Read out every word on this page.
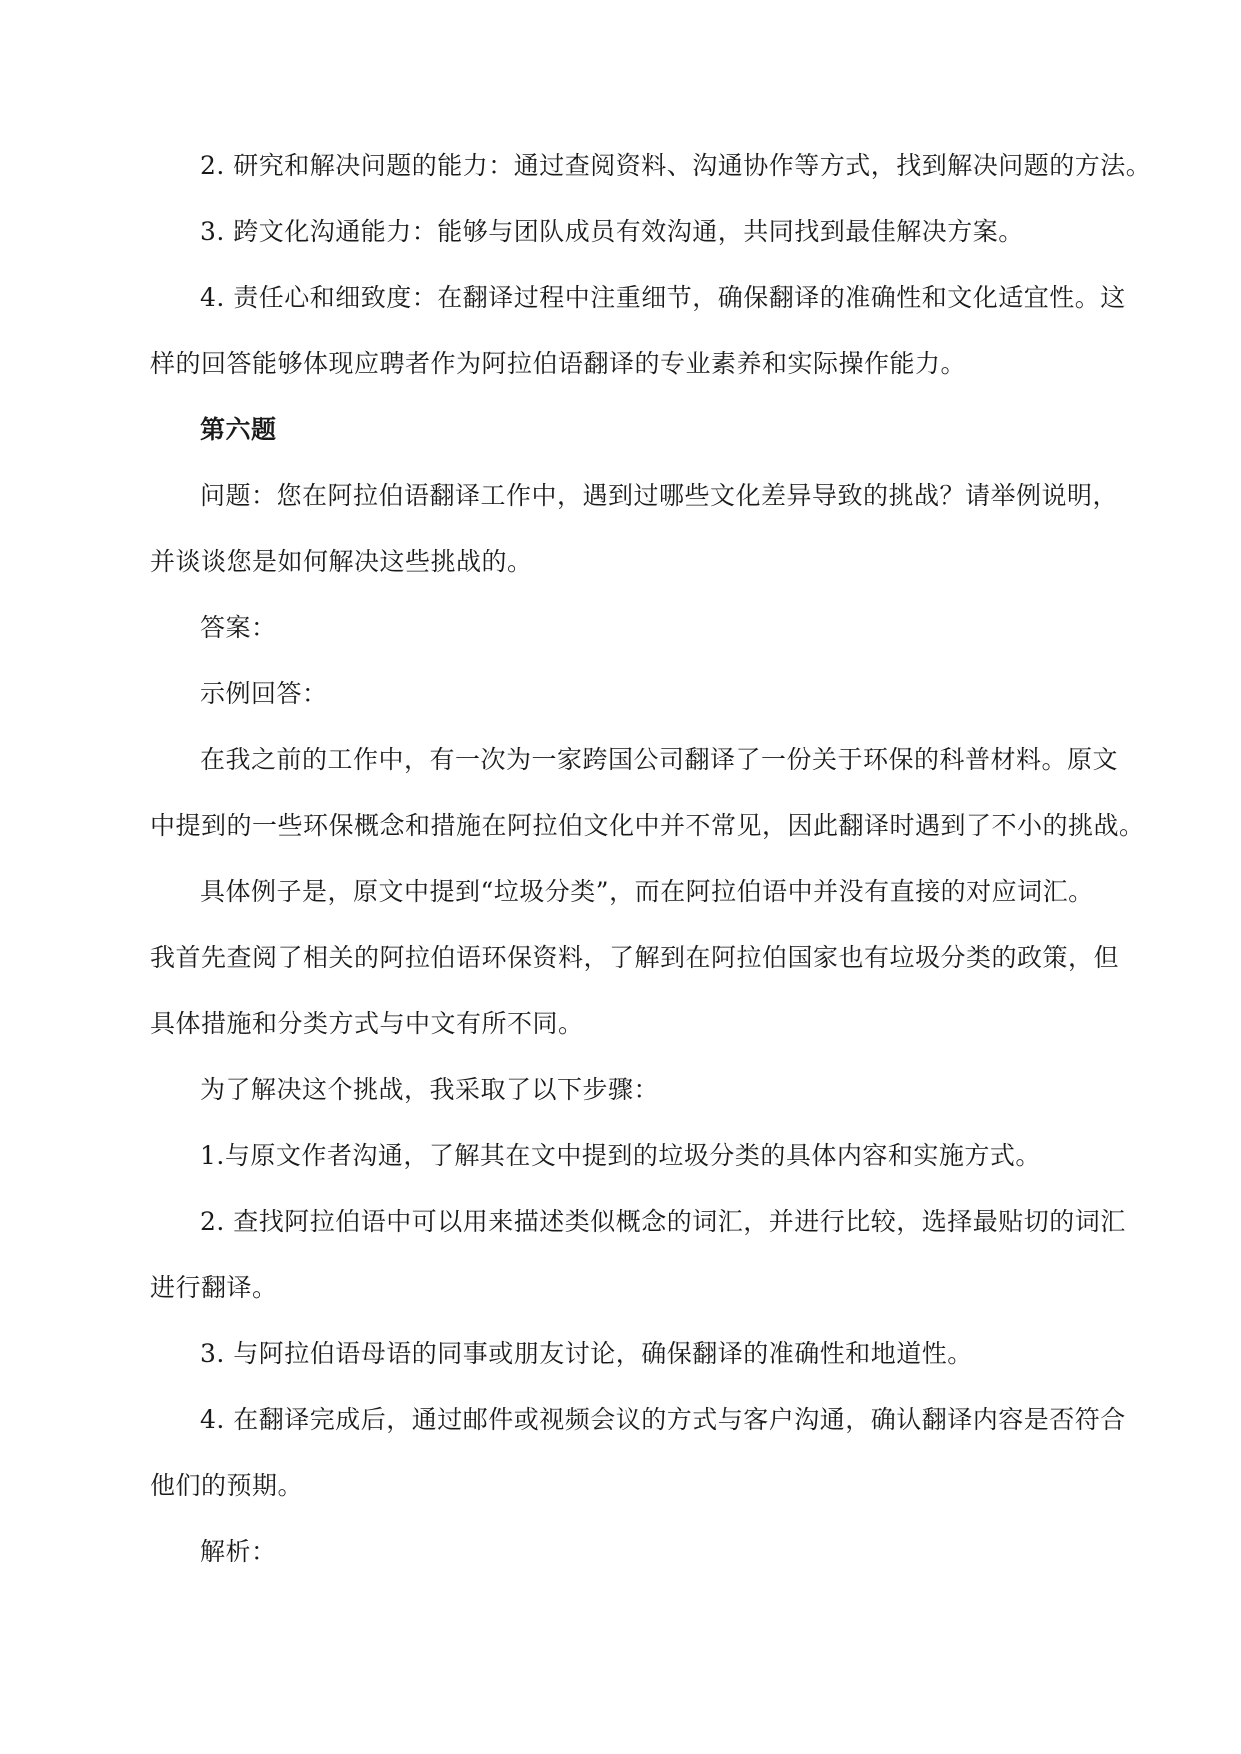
2. 研究和解决问题的能力：通过查阅资料、沟通协作等方式，找到解决问题的方法。
3. 跨文化沟通能力：能够与团队成员有效沟通，共同找到最佳解决方案。
4. 责任心和细致度：在翻译过程中注重细节，确保翻译的准确性和文化适宜性。这
样的回答能够体现应聘者作为阿拉伯语翻译的专业素养和实际操作能力。
第六题
问题：您在阿拉伯语翻译工作中，遇到过哪些文化差异导致的挑战？请举例说明，
并谈谈您是如何解决这些挑战的。
答案：
示例回答：
在我之前的工作中，有一次为一家跨国公司翻译了一份关于环保的科普材料。原文
中提到的一些环保概念和措施在阿拉伯文化中并不常见，因此翻译时遇到了不小的挑战。
具体例子是，原文中提到“垃圾分类”，而在阿拉伯语中并没有直接的对应词汇。
我首先查阅了相关的阿拉伯语环保资料，了解到在阿拉伯国家也有垃圾分类的政策，但
具体措施和分类方式与中文有所不同。
为了解决这个挑战，我采取了以下步骤：
1.与原文作者沟通，了解其在文中提到的垃圾分类的具体内容和实施方式。
2. 查找阿拉伯语中可以用来描述类似概念的词汇，并进行比较，选择最贴切的词汇
进行翻译。
3. 与阿拉伯语母语的同事或朋友讨论，确保翻译的准确性和地道性。
4. 在翻译完成后，通过邮件或视频会议的方式与客户沟通，确认翻译内容是否符合
他们的预期。
解析：
